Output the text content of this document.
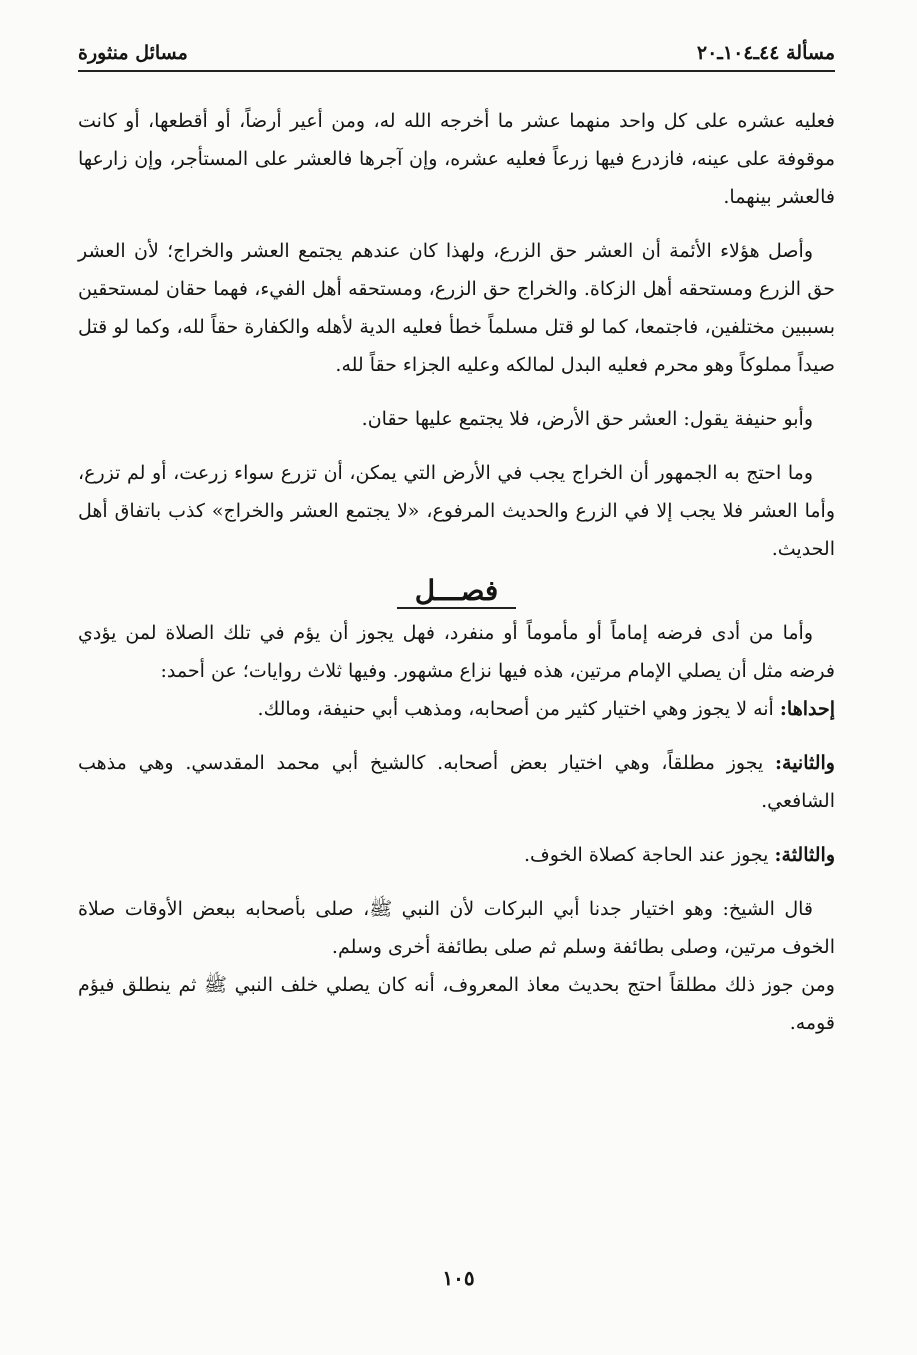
مسألة ٤٤ـ١٠٤ـ٢٠
مسائل منثورة

فعليه عشره على كل واحد منهما عشر ما أخرجه الله له، ومن أعير أرضاً، أو أقطعها، أو كانت موقوفة على عينه، فازدرع فيها زرعاً فعليه عشره، وإن آجرها فالعشر على المستأجر، وإن زارعها فالعشر بينهما.

وأصل هؤلاء الأئمة أن العشر حق الزرع، ولهذا كان عندهم يجتمع العشر والخراج؛ لأن العشر حق الزرع ومستحقه أهل الزكاة. والخراج حق الزرع، ومستحقه أهل الفيء، فهما حقان لمستحقين بسببين مختلفين، فاجتمعا، كما لو قتل مسلماً خطأ فعليه الدية لأهله والكفارة حقاً لله، وكما لو قتل صيداً مملوكاً وهو محرم فعليه البدل لمالكه وعليه الجزاء حقاً لله.

وأبو حنيفة يقول: العشر حق الأرض، فلا يجتمع عليها حقان.

وما احتج به الجمهور أن الخراج يجب في الأرض التي يمكن، أن تزرع سواء زرعت، أو لم تزرع، وأما العشر فلا يجب إلا في الزرع والحديث المرفوع، «لا يجتمع العشر والخراج» كذب باتفاق أهل الحديث.

فصـــل

وأما من أدى فرضه إماماً أو مأموماً أو منفرد، فهل يجوز أن يؤم في تلك الصلاة لمن يؤدي فرضه مثل أن يصلي الإمام مرتين، هذه فيها نزاع مشهور. وفيها ثلاث روايات؛ عن أحمد:

إحداها: أنه لا يجوز وهي اختيار كثير من أصحابه، ومذهب أبي حنيفة، ومالك.

والثانية: يجوز مطلقاً، وهي اختيار بعض أصحابه. كالشيخ أبي محمد المقدسي. وهي مذهب الشافعي.

والثالثة: يجوز عند الحاجة كصلاة الخوف.

قال الشيخ: وهو اختيار جدنا أبي البركات لأن النبي ﷺ، صلى بأصحابه ببعض الأوقات صلاة الخوف مرتين، وصلى بطائفة وسلم ثم صلى بطائفة أخرى وسلم.

ومن جوز ذلك مطلقاً احتج بحديث معاذ المعروف، أنه كان يصلي خلف النبي ﷺ ثم ينطلق فيؤم قومه.

١٠٥
